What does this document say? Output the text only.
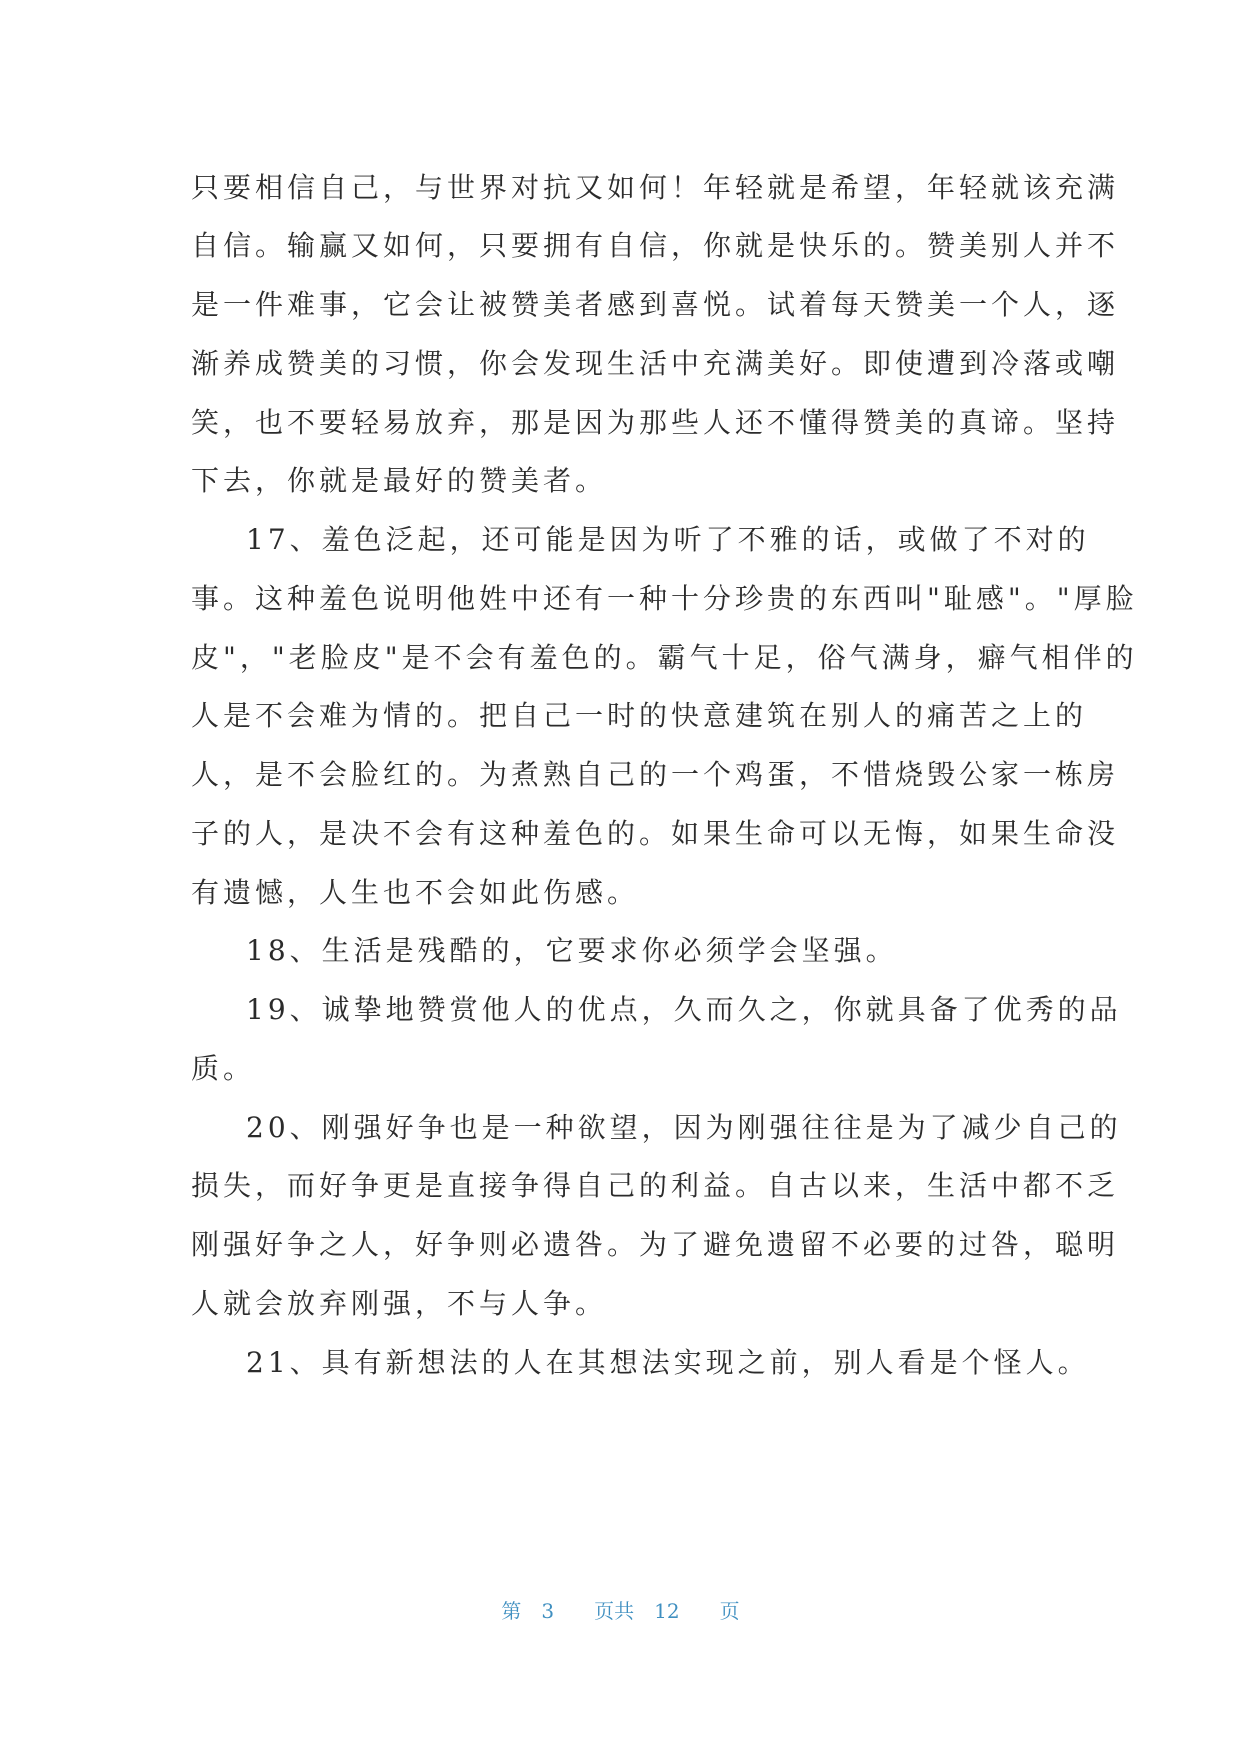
只要相信自己，与世界对抗又如何！年轻就是希望，年轻就该充满
自信。输赢又如何，只要拥有自信，你就是快乐的。赞美别人并不
是一件难事，它会让被赞美者感到喜悦。试着每天赞美一个人，逐
渐养成赞美的习惯，你会发现生活中充满美好。即使遭到冷落或嘲
笑，也不要轻易放弃，那是因为那些人还不懂得赞美的真谛。坚持
下去，你就是最好的赞美者。
17、羞色泛起，还可能是因为听了不雅的话，或做了不对的
事。这种羞色说明他姓中还有一种十分珍贵的东西叫"耻感"。"厚脸
皮"，"老脸皮"是不会有羞色的。霸气十足，俗气满身，癖气相伴的
人是不会难为情的。把自己一时的快意建筑在别人的痛苦之上的
人，是不会脸红的。为煮熟自己的一个鸡蛋，不惜烧毁公家一栋房
子的人，是决不会有这种羞色的。如果生命可以无悔，如果生命没
有遗憾，人生也不会如此伤感。
18、生活是残酷的，它要求你必须学会坚强。
19、诚挚地赞赏他人的优点，久而久之，你就具备了优秀的品
质。
20、刚强好争也是一种欲望，因为刚强往往是为了减少自己的
损失，而好争更是直接争得自己的利益。自古以来，生活中都不乏
刚强好争之人，好争则必遗咎。为了避免遗留不必要的过咎，聪明
人就会放弃刚强，不与人争。
21、具有新想法的人在其想法实现之前，别人看是个怪人。
第 3 页共 12 页
